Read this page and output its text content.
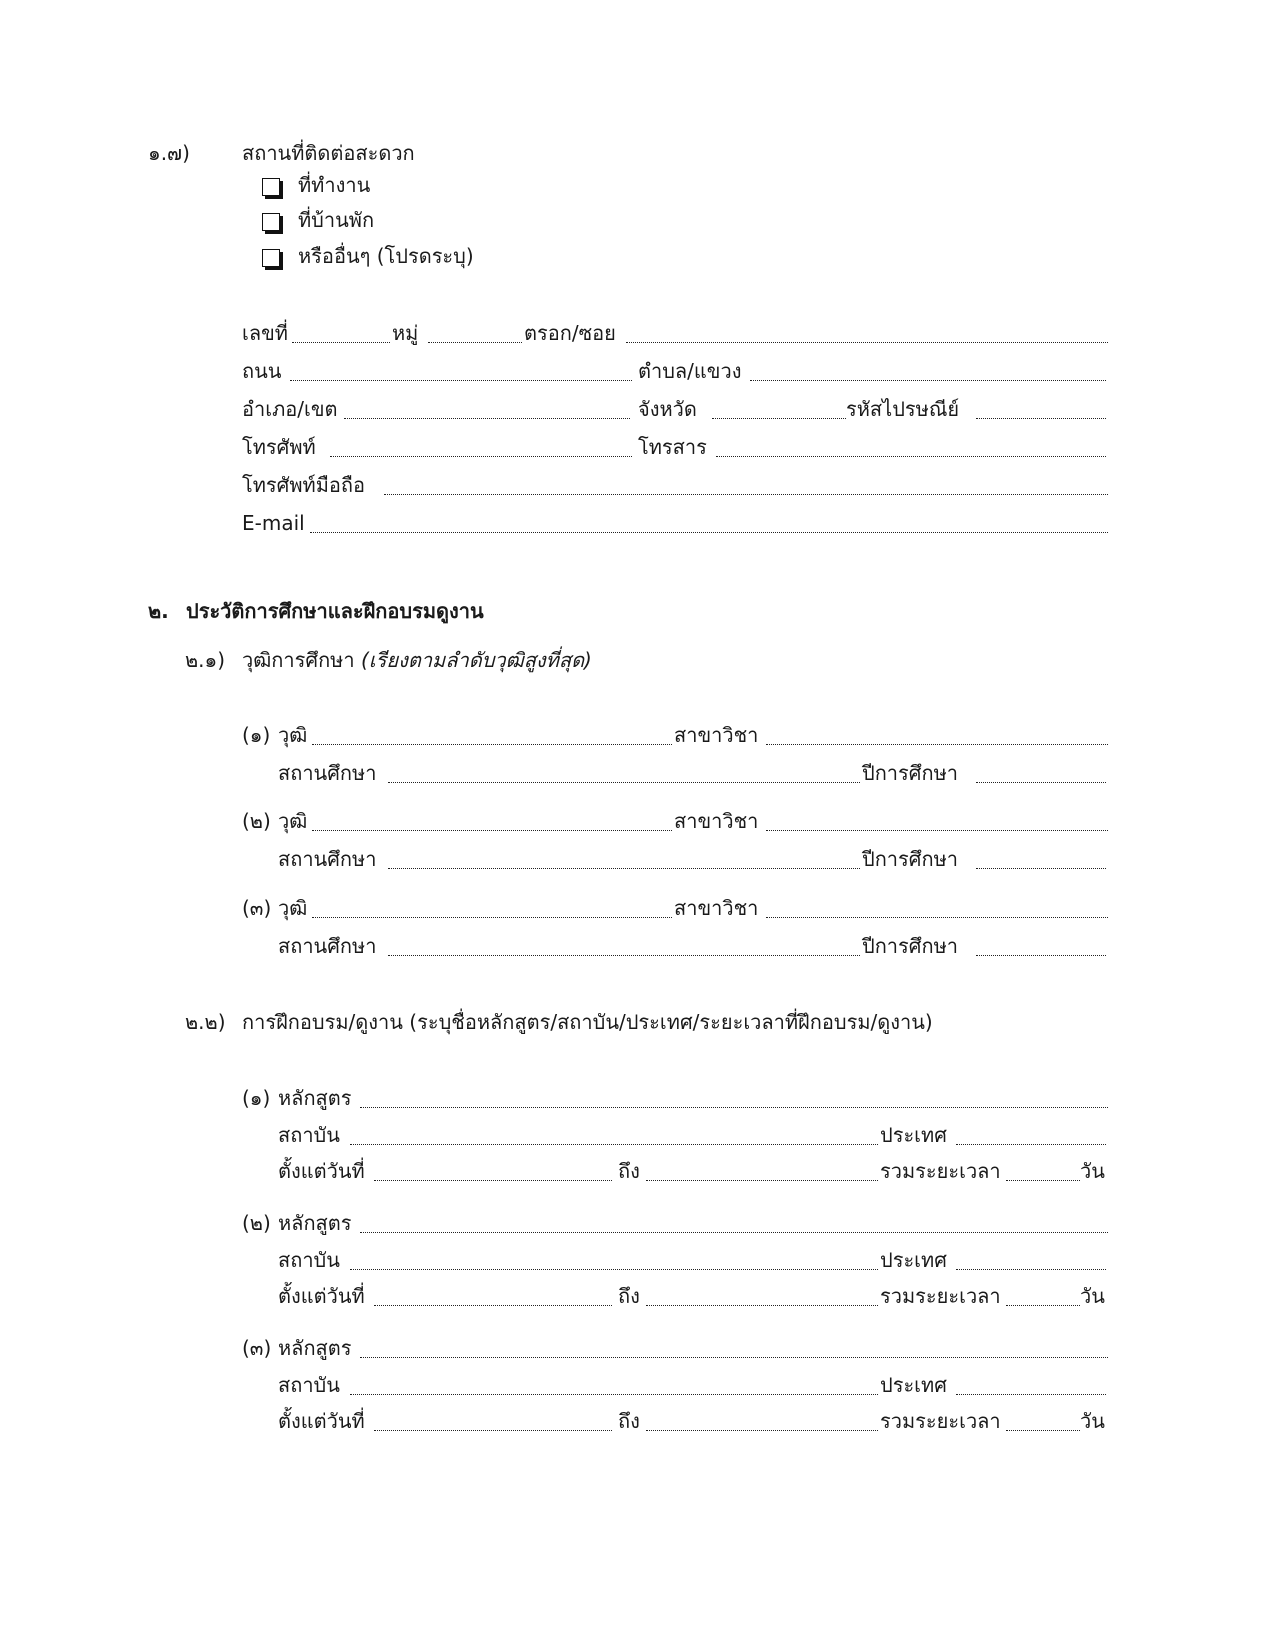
๑.๗)	สถานที่ติดต่อสะดวก
ที่ทำงาน
ที่บ้านพัก
หรืออื่นๆ (โปรดระบุ)
เลขที่	หมู่	ตรอก/ซอย
ถนน	ตำบล/แขวง
อำเภอ/เขต	จังหวัด	รหัสไปรษณีย์
โทรศัพท์	โทรสาร
โทรศัพท์มือถือ
E-mail
๒. ประวัติการศึกษาและฝึกอบรมดูงาน
๒.๑) วุฒิการศึกษา (เรียงตามลำดับวุฒิสูงที่สุด)
(๑) วุฒิ	สาขาวิชา
สถานศึกษา	ปีการศึกษา
(๒) วุฒิ	สาขาวิชา
สถานศึกษา	ปีการศึกษา
(๓) วุฒิ	สาขาวิชา
สถานศึกษา	ปีการศึกษา
๒.๒) การฝึกอบรม/ดูงาน (ระบุชื่อหลักสูตร/สถาบัน/ประเทศ/ระยะเวลาที่ฝึกอบรม/ดูงาน)
(๑) หลักสูตร
สถาบัน	ประเทศ
ตั้งแต่วันที่	ถึง	รวมระยะเวลา	วัน
(๒) หลักสูตร
สถาบัน	ประเทศ
ตั้งแต่วันที่	ถึง	รวมระยะเวลา	วัน
(๓) หลักสูตร
สถาบัน	ประเทศ
ตั้งแต่วันที่	ถึง	รวมระยะเวลา	วัน
